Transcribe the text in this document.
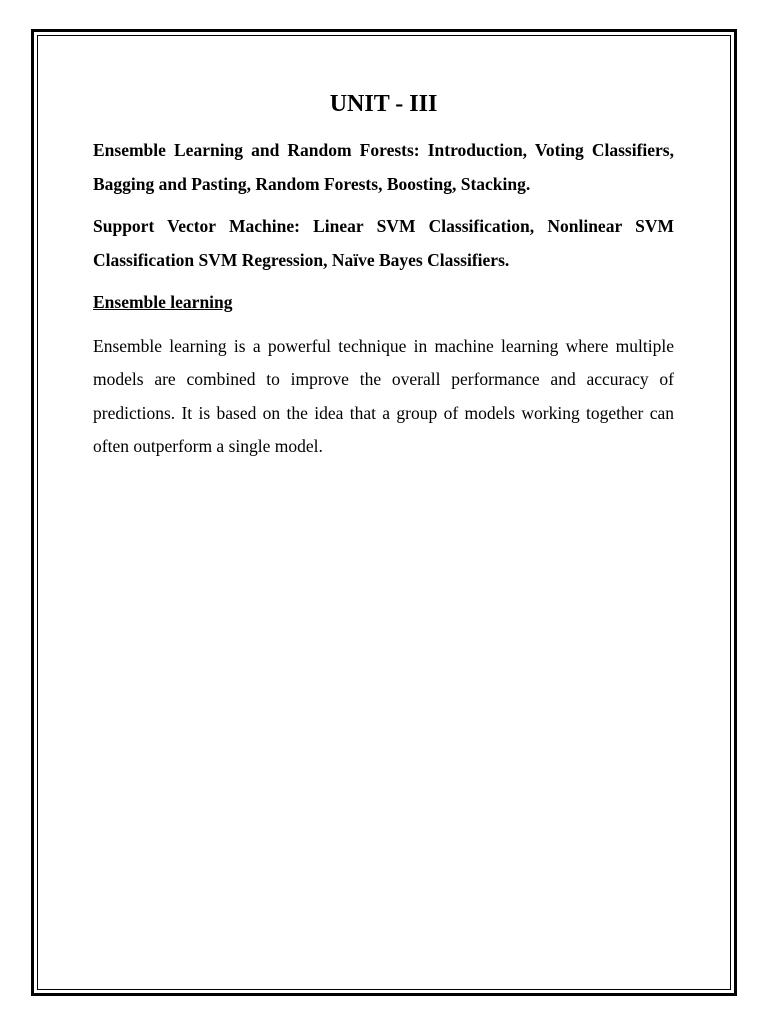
UNIT - III

Ensemble Learning and Random Forests: Introduction, Voting Classifiers, Bagging and Pasting, Random Forests, Boosting, Stacking.

Support Vector Machine: Linear SVM Classification, Nonlinear SVM Classification SVM Regression, Naïve Bayes Classifiers.

Ensemble learning

Ensemble learning is a powerful technique in machine learning where multiple models are combined to improve the overall performance and accuracy of predictions. It is based on the idea that a group of models working together can often outperform a single model.
